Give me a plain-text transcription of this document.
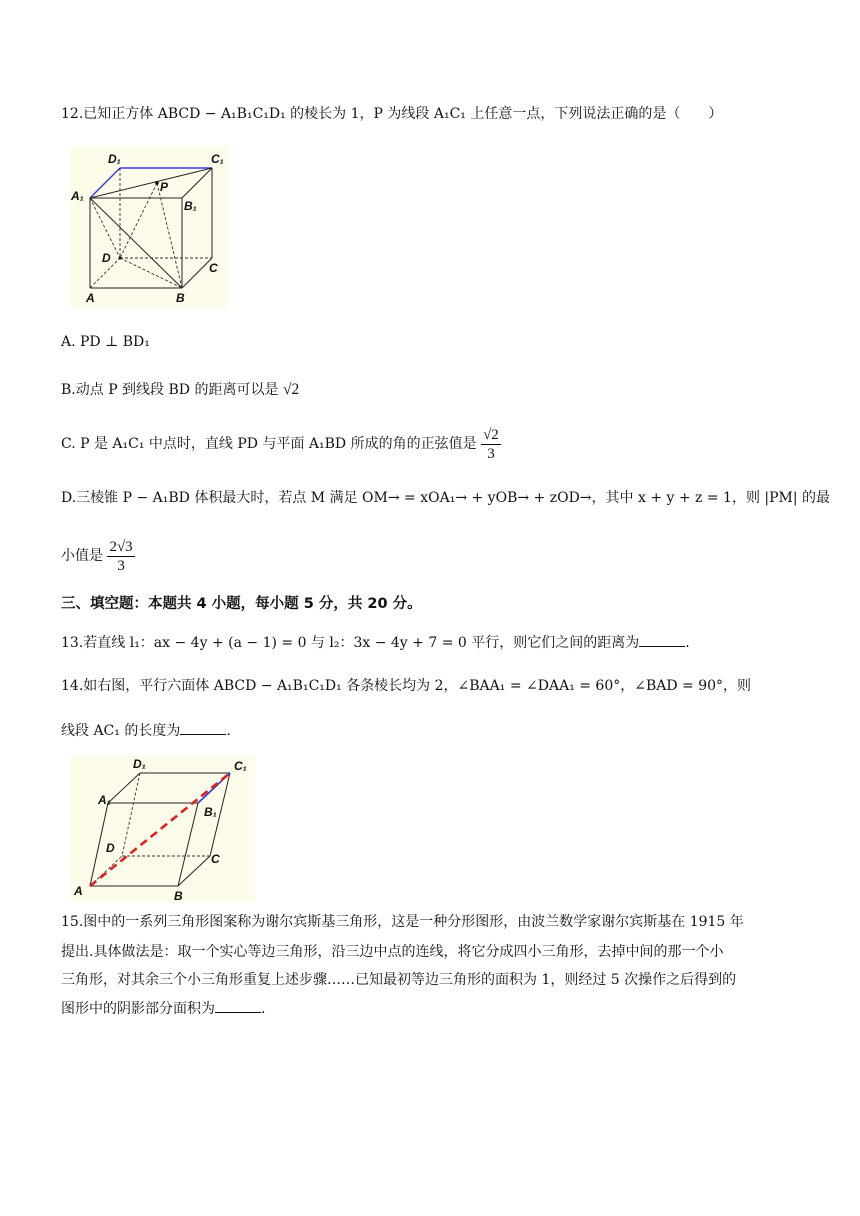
12.已知正方体 ABCD − A₁B₁C₁D₁ 的棱长为 1，P 为线段 A₁C₁ 上任意一点，下列说法正确的是（　　）
D₁	C₁
A₁
B₁
P
D
C
A	B
A. PD ⊥ BD₁
B.动点 P 到线段 BD 的距离可以是 √2
C. P 是 A₁C₁ 中点时，直线 PD 与平面 A₁BD 所成的角的正弦值是 $\frac{√2}{3}$
D.三棱锥 P − A₁BD 体积最大时，若点 M 满足 OM→ = xOA₁→ + yOB→ + zOD→，其中 x + y + z = 1，则 |PM| 的最
小值是 $\frac{2√3}{3}$
三、填空题：本题共 4 小题，每小题 5 分，共 20 分。
13.若直线 l₁：ax − 4y + (a − 1) = 0 与 l₂：3x − 4y + 7 = 0 平行，则它们之间的距离为	.
14.如右图，平行六面体 ABCD − A₁B₁C₁D₁ 各条棱长均为 2，∠BAA₁ = ∠DAA₁ = 60°，∠BAD = 90°，则
线段 AC₁ 的长度为	.
D₁	C₁
A₁
B₁
D
C
A	B
15.图中的一系列三角形图案称为谢尔宾斯基三角形，这是一种分形图形，由波兰数学家谢尔宾斯基在 1915 年
提出.具体做法是：取一个实心等边三角形，沿三边中点的连线，将它分成四小三角形，去掉中间的那一个小
三角形，对其余三个小三角形重复上述步骤……已知最初等边三角形的面积为 1，则经过 5 次操作之后得到的
图形中的阴影部分面积为	.
